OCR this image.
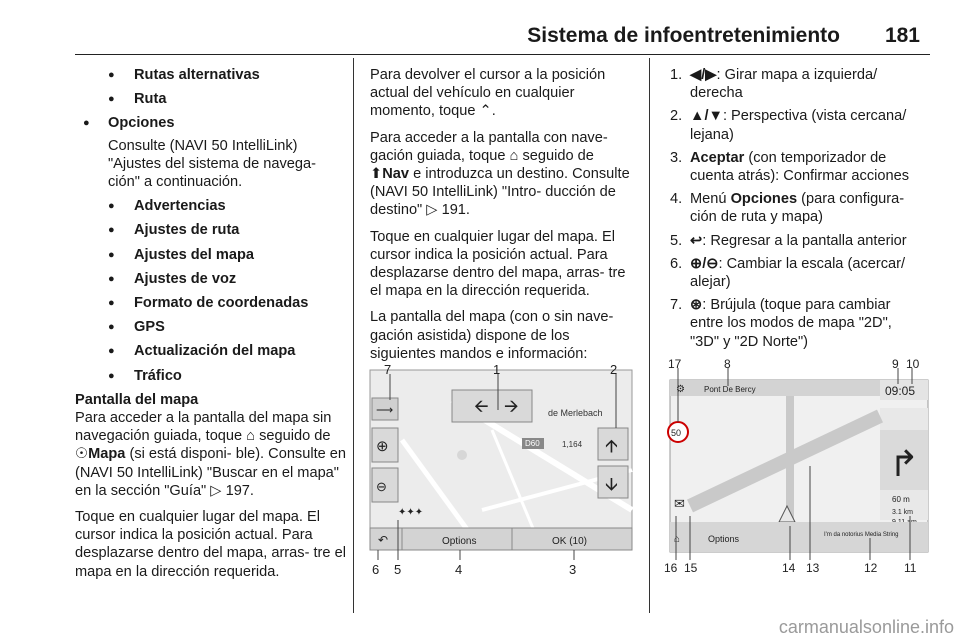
Sistema de infoentretenimiento 181
● Rutas alternativas
● Ruta
● Opciones
Consulte (NAVI 50 IntelliLink) "Ajustes del sistema de navega‐ ción" a continuación.
● Advertencias
● Ajustes de ruta
● Ajustes del mapa
● Ajustes de voz
● Formato de coordenadas
● GPS
● Actualización del mapa
● Tráfico
Pantalla del mapa

Para acceder a la pantalla del mapa sin navegación guiada, toque ⌂ seguido de ☉Mapa (si está disponi‐ ble). Consulte en (NAVI 50 IntelliLink) "Buscar en el mapa" en la sección "Guía" ▷ 197.

Toque en cualquier lugar del mapa. El cursor indica la posición actual. Para desplazarse dentro del mapa, arras‐ tre el mapa en la dirección requerida.

Para devolver el cursor a la posición actual del vehículo en cualquier momento, toque ⌃.

Para acceder a la pantalla con nave‐ gación guiada, toque ⌂ seguido de ⬆Nav e introduzca un destino. Consulte (NAVI 50 IntelliLink) "Intro‐ ducción de destino" ▷ 191.

Toque en cualquier lugar del mapa. El cursor indica la posición actual. Para desplazarse dentro del mapa, arras‐ tre el mapa en la dirección requerida.

La pantalla del mapa (con o sin nave‐ gación asistida) dispone de los siguientes mandos e información:

🡨 🡪	de Merlebach
D60	1,164 🡩
🡫
⟶
⊕
⊖
✦✦✦
↶	Options	OK (10)
7	1	2
6 5	4	3
1. ◀/▶: Girar mapa a izquierda/ derecha
2. ▲/▼: Perspectiva (vista cercana/ lejana)
3. Aceptar (con temporizador de cuenta atrás): Confirmar acciones
4. Menú Opciones (para configura‐ ción de ruta y mapa)
5. ↩: Regresar a la pantalla anterior
6. ⊕/⊖: Cambiar la escala (acercar/ alejar)
7. ⊛: Brújula (toque para cambiar entre los modos de mapa "2D", "3D" y "2D Norte")
⚙ Pont De Bercy	09:05
↱
60 m
3.1 km
50
⌂	Options	I'm da notorius Media String
✉
17	8	9 10
16 15	14 13	12 11
carmanualsonline.info
